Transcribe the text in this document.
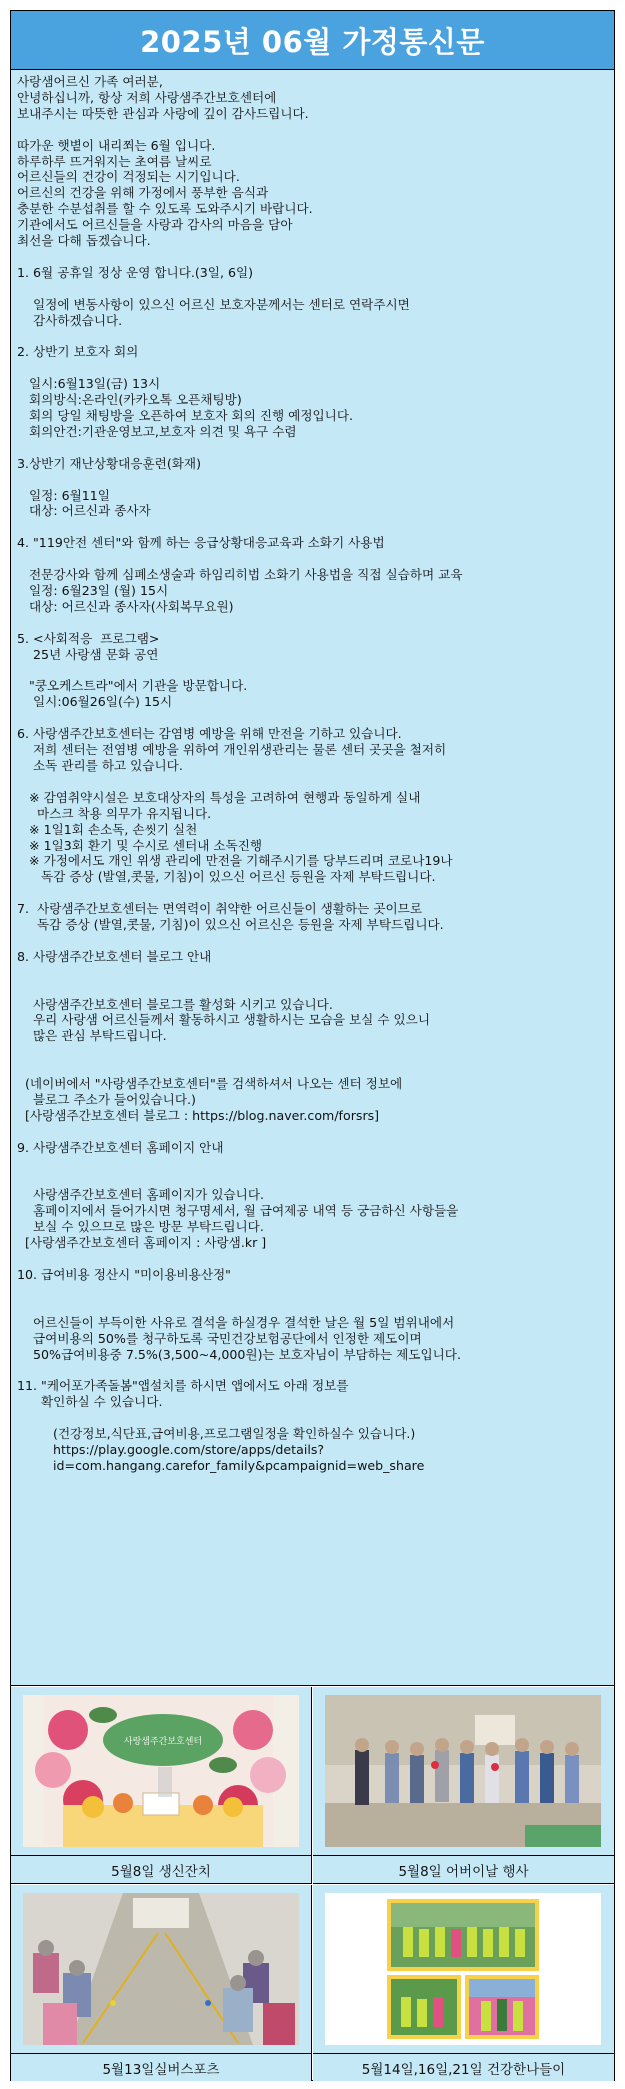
2025년 06월 가정통신문
사랑샘어르신 가족 여러분,
안녕하십니까, 항상 저희 사랑샘주간보호센터에
보내주시는 따뜻한 관심과 사랑에 깊이 감사드립니다.

따가운 햇볕이 내리쬐는 6월 입니다.
하루하루 뜨거워지는 초여름 날씨로
어르신들의 건강이 걱정되는 시기입니다.
어르신의 건강을 위해 가정에서 풍부한 음식과
충분한 수분섭취를 할 수 있도록 도와주시기 바랍니다.
기관에서도 어르신들을 사랑과 감사의 마음을 담아
최선을 다해 돕겠습니다.

1. 6월 공휴일 정상 운영 합니다.(3일, 6일)

일정에 변동사항이 있으신 어르신 보호자분께서는 센터로 연락주시면
감사하겠습니다.

2. 상반기 보호자 회의

일시:6월13일(금) 13시
회의방식:온라인(카카오톡 오픈채팅방)
회의 당일 채팅방을 오픈하여 보호자 회의 진행 예정입니다.
회의안건:기관운영보고,보호자 의견 및 욕구 수렴

3.상반기 재난상황대응훈련(화재)

일정: 6월11일
대상: 어르신과 종사자

4. "119안전 센터"와 함께 하는 응급상황대응교육과 소화기 사용법

전문강사와 함께 심폐소생술과 하임리히법 소화기 사용법을 직접 실습하며 교육
일정: 6월23일 (월) 15시
대상: 어르신과 종사자(사회복무요원)

5. <사회적응  프로그램>
25년 사랑샘 문화 공연

"쿵오케스트라"에서 기관을 방문합니다.
일시:06월26일(수) 15시

6. 사랑샘주간보호센터는 감염병 예방을 위해 만전을 기하고 있습니다.
저희 센터는 전염병 예방을 위하여 개인위생관리는 물론 센터 곳곳을 철저히
소독 관리를 하고 있습니다.

※ 감염취약시설은 보호대상자의 특성을 고려하여 현행과 동일하게 실내
마스크 착용 의무가 유지됩니다.
※ 1일1회 손소독, 손씻기 실천
※ 1일3회 환기 및 수시로 센터내 소독진행
※ 가정에서도 개인 위생 관리에 만전을 기해주시기를 당부드리며 코로나19나
독감 증상 (발열,콧물, 기침)이 있으신 어르신 등원을 자제 부탁드립니다.

7.  사랑샘주간보호센터는 면역력이 취약한 어르신들이 생활하는 곳이므로
독감 증상 (발열,콧물, 기침)이 있으신 어르신은 등원을 자제 부탁드립니다.

8. 사랑샘주간보호센터 블로그 안내

사랑샘주간보호센터 블로그를 활성화 시키고 있습니다.
우리 사랑샘 어르신들께서 활동하시고 생활하시는 모습을 보실 수 있으니
많은 관심 부탁드립니다.

(네이버에서 "사랑샘주간보호센터"를 검색하셔서 나오는 센터 정보에
블로그 주소가 들어있습니다.)
[사랑샘주간보호센터 블로그 : https://blog.naver.com/forsrs]

9. 사랑샘주간보호센터 홈페이지 안내

사랑샘주간보호센터 홈페이지가 있습니다.
홈페이지에서 들어가시면 청구명세서, 월 급여제공 내역 등 궁금하신 사항들을
보실 수 있으므로 많은 방문 부탁드립니다.
[사랑샘주간보호센터 홈페이지 : 사랑샘.kr ]

10. 급여비용 정산시 "미이용비용산정"

어르신들이 부득이한 사유로 결석을 하실경우 결석한 날은 월 5일 범위내에서
급여비용의 50%를 청구하도록 국민건강보험공단에서 인정한 제도이며
50%급여비용중 7.5%(3,500~4,000원)는 보호자님이 부담하는 제도입니다.

11. "케어포가족돌봄"앱설치를 하시면 앱에서도 아래 정보를
확인하실 수 있습니다.

(건강정보,식단표,급여비용,프로그램일정을 확인하실수 있습니다.)
https://play.google.com/store/apps/details?
id=com.hangang.carefor_family&pcampaignid=web_share
사랑샘주간보호센터
5월8일 생신잔치	5월8일 어버이날 행사
5월13일실버스포츠	5월14일,16일,21일 건강한나들이
